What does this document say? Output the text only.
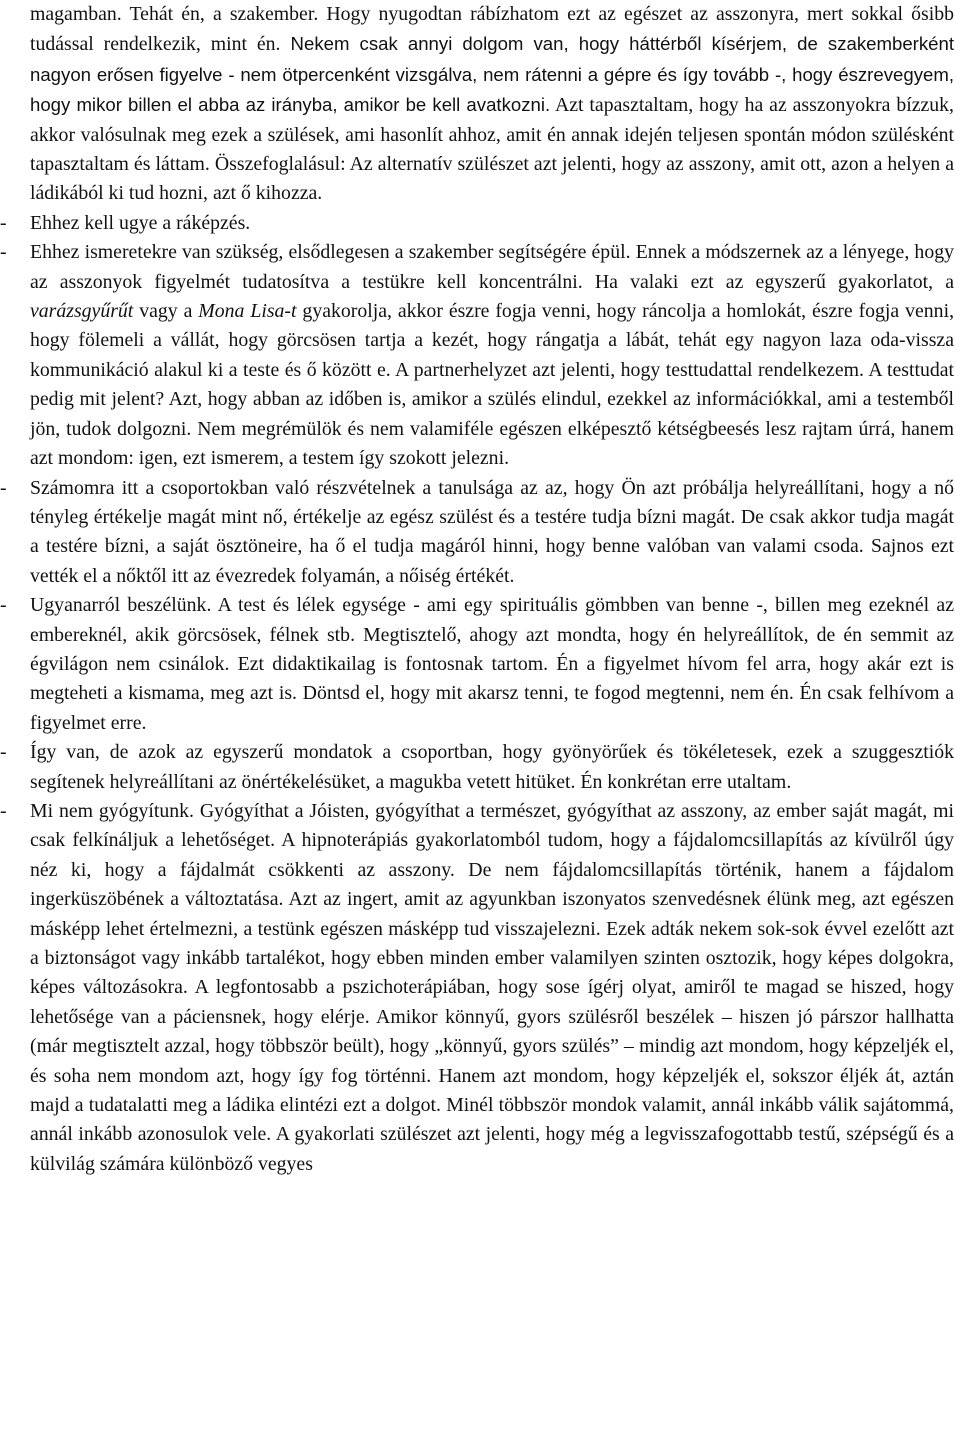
magamban. Tehát én, a szakember. Hogy nyugodtan rábízhatom ezt az egészet az asszonyra, mert sokkal ősibb tudással rendelkezik, mint én. Nekem csak annyi dolgom van, hogy háttérből kísérjem, de szakemberként nagyon erősen figyelve - nem ötpercenként vizsgálva, nem rátenni a gépre és így tovább -, hogy észrevegyem, hogy mikor billen el abba az irányba, amikor be kell avatkozni. Azt tapasztaltam, hogy ha az asszonyokra bízzuk, akkor valósulnak meg ezek a szülések, ami hasonlít ahhoz, amit én annak idején teljesen spontán módon szülésként tapasztaltam és láttam. Összefoglalásul: Az alternatív szülészet azt jelenti, hogy az asszony, amit ott, azon a helyen a ládikából ki tud hozni, azt ő kihozza.

- Ehhez kell ugye a ráképzés.

- Ehhez ismeretekre van szükség, elsődlegesen a szakember segítségére épül. Ennek a módszernek az a lényege, hogy az asszonyok figyelmét tudatosítva a testükre kell koncentrálni. Ha valaki ezt az egyszerű gyakorlatot, a varázsgyűrűt vagy a Mona Lisa-t gyakorolja, akkor észre fogja venni, hogy ráncolja a homlokát, észre fogja venni, hogy fölemeli a vállát, hogy görcsösen tartja a kezét, hogy rángatja a lábát, tehát egy nagyon laza oda-vissza kommunikáció alakul ki a teste és ő között e. A partnerhelyzet azt jelenti, hogy testtudattal rendelkezem. A testtudat pedig mit jelent? Azt, hogy abban az időben is, amikor a szülés elindul, ezekkel az információkkal, ami a testemből jön, tudok dolgozni. Nem megrémülök és nem valamiféle egészen elképesztő kétségbeesés lesz rajtam úrrá, hanem azt mondom: igen, ezt ismerem, a testem így szokott jelezni.

- Számomra itt a csoportokban való részvételnek a tanulsága az az, hogy Ön azt próbálja helyreállítani, hogy a nő tényleg értékelje magát mint nő, értékelje az egész szülést és a testére tudja bízni magát. De csak akkor tudja magát a testére bízni, a saját ösztöneire, ha ő el tudja magáról hinni, hogy benne valóban van valami csoda. Sajnos ezt vették el a nőktől itt az évezredek folyamán, a nőiség értékét.

- Ugyanarról beszélünk. A test és lélek egysége - ami egy spirituális gömbben van benne -, billen meg ezeknél az embereknél, akik görcsösek, félnek stb. Megtisztelő, ahogy azt mondta, hogy én helyreállítok, de én semmit az égvilágon nem csinálok. Ezt didaktikailag is fontosnak tartom. Én a figyelmet hívom fel arra, hogy akár ezt is megteheti a kismama, meg azt is. Döntsd el, hogy mit akarsz tenni, te fogod megtenni, nem én. Én csak felhívom a figyelmet erre.

- Így van, de azok az egyszerű mondatok a csoportban, hogy gyönyörűek és tökéletesek, ezek a szuggesztiók segítenek helyreállítani az önértékelésüket, a magukba vetett hitüket. Én konkrétan erre utaltam.

- Mi nem gyógyítunk. Gyógyíthat a Jóisten, gyógyíthat a természet, gyógyíthat az asszony, az ember saját magát, mi csak felkínáljuk a lehetőséget. A hipnoterápiás gyakorlatomból tudom, hogy a fájdalomcsillapítás az kívülről úgy néz ki, hogy a fájdalmát csökkenti az asszony. De nem fájdalomcsillapítás történik, hanem a fájdalom ingerküszöbének a változtatása. Azt az ingert, amit az agyunkban iszonyatos szenvedésnek élünk meg, azt egészen másképp lehet értelmezni, a testünk egészen másképp tud visszajelezni. Ezek adták nekem sok-sok évvel ezelőtt azt a biztonságot vagy inkább tartalékot, hogy ebben minden ember valamilyen szinten osztozik, hogy képes dolgokra, képes változásokra. A legfontosabb a pszichoterápiában, hogy sose ígérj olyat, amiről te magad se hiszed, hogy lehetősége van a páciensnek, hogy elérje. Amikor könnyű, gyors szülésről beszélek – hiszen jó párszor hallhatta (már megtisztelt azzal, hogy többször beült), hogy „könnyű, gyors szülés” – mindig azt mondom, hogy képzeljék el, és soha nem mondom azt, hogy így fog történni. Hanem azt mondom, hogy képzeljék el, sokszor éljék át, aztán majd a tudatalatti meg a ládika elintézi ezt a dolgot. Minél többször mondok valamit, annál inkább válik sajátommá, annál inkább azonosulok vele. A gyakorlati szülészet azt jelenti, hogy még a legvisszafogottabb testű, szépségű és a külvilág számára különböző vegyes
